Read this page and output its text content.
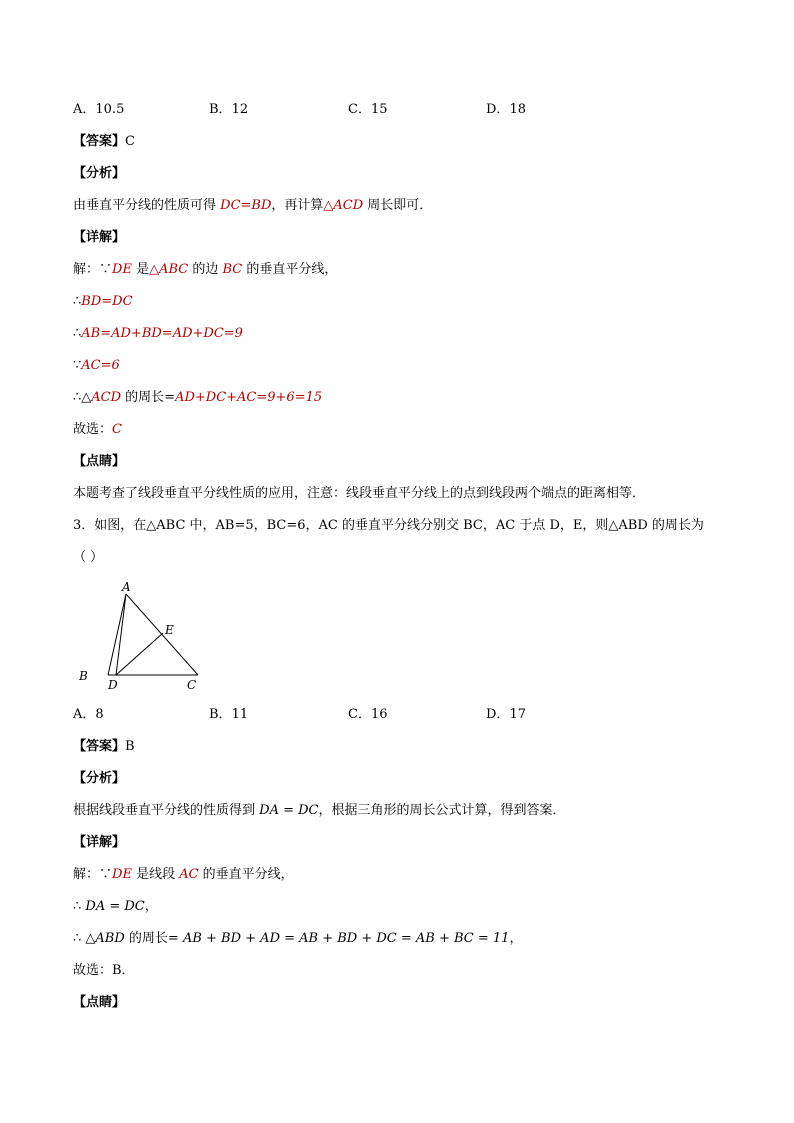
A．10.5	B．12	C．15	D．18
【答案】C
【分析】
由垂直平分线的性质可得 DC=BD，再计算△ACD 周长即可．
【详解】
解：∵DE 是△ABC 的边 BC 的垂直平分线，
∴BD=DC
∴AB=AD+BD=AD+DC=9
∵AC=6
∴△ACD 的周长=AD+DC+AC=9+6=15
故选：C
【点睛】
本题考查了线段垂直平分线性质的应用，注意：线段垂直平分线上的点到线段两个端点的距离相等．
3．如图，在△ABC 中，AB=5，BC=6，AC 的垂直平分线分别交 BC，AC 于点 D，E，则△ABD 的周长为
（ ）
A
B
C
D
E
A．8	B．11	C．16	D．17
【答案】B
【分析】
根据线段垂直平分线的性质得到 DA = DC，根据三角形的周长公式计算，得到答案．
【详解】
解：∵DE 是线段 AC 的垂直平分线，
∴ DA = DC，
∴ △ABD 的周长= AB + BD + AD = AB + BD + DC = AB + BC = 11，
故选：B．
【点睛】
